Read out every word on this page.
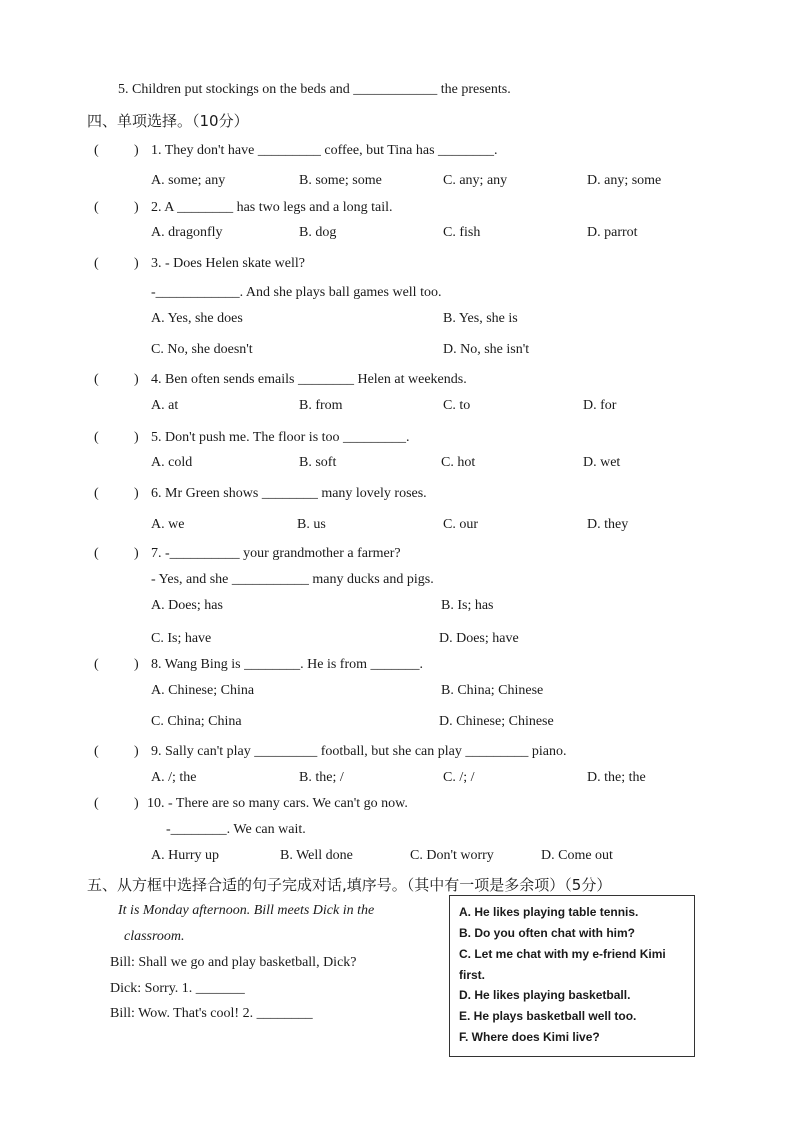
5. Children put stockings on the beds and ____________ the presents.
四、单项选择。（10分）
(	) 1. They don't have _________ coffee, but Tina has ________.
A. some; any	B. some; some	C. any; any	D. any; some
(	) 2. A ________ has two legs and a long tail.
A. dragonfly	B. dog	C. fish	D. parrot
(	) 3. - Does Helen skate well?
-____________. And she plays ball games well too.
A. Yes, she does	B. Yes, she is
C. No, she doesn't	D. No, she isn't
(	) 4. Ben often sends emails ________ Helen at weekends.
A. at	B. from	C. to	D. for
(	) 5. Don't push me. The floor is too _________.
A. cold	B. soft	C. hot	D. wet
(	) 6. Mr Green shows ________ many lovely roses.
A. we	B. us	C. our	D. they
(	) 7. -__________ your grandmother a farmer?
- Yes, and she ___________ many ducks and pigs.
A. Does; has	B. Is; has
C. Is; have	D. Does; have
(	) 8. Wang Bing is ________. He is from _______.
A. Chinese; China	B. China; Chinese
C. China; China	D. Chinese; Chinese
(	) 9. Sally can't play _________ football, but she can play _________ piano.
A. /; the	B. the; /	C. /; /	D. the; the
(	) 10. - There are so many cars. We can't go now.
-________. We can wait.
A. Hurry up	B. Well done	C. Don't worry	D. Come out
五、从方框中选择合适的句子完成对话,填序号。（其中有一项是多余项）（5分）
It is Monday afternoon. Bill meets Dick in the
classroom.
Bill: Shall we go and play basketball, Dick?
Dick: Sorry. 1. _______
Bill: Wow. That's cool! 2. ________
A. He likes playing table tennis.
B. Do you often chat with him?
C. Let me chat with my e-friend Kimi
first.
D. He likes playing basketball.
E. He plays basketball well too.
F. Where does Kimi live?
